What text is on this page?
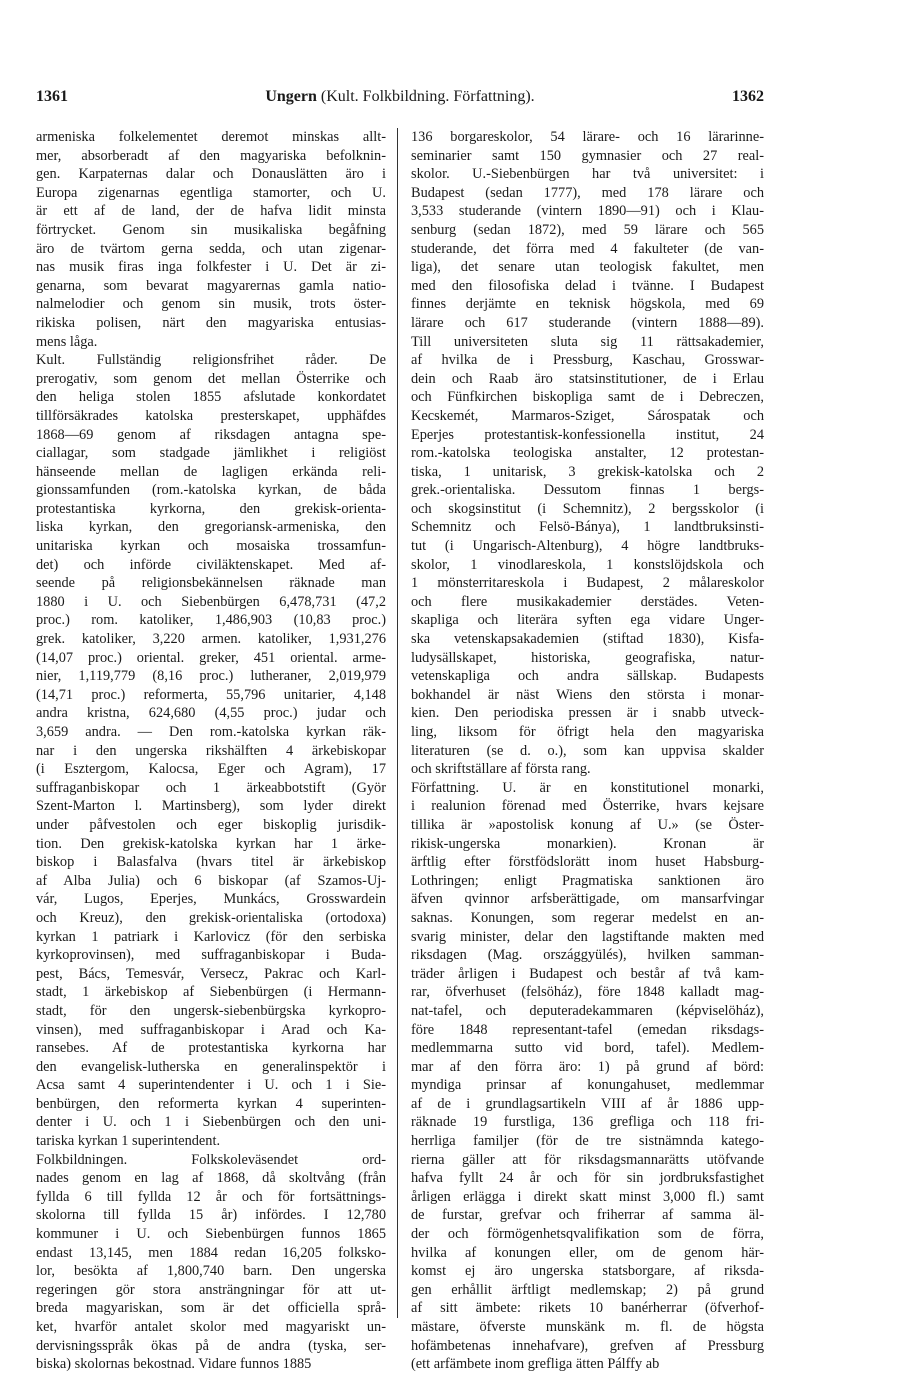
1361	Ungern (Kult. Folkbildning. Författning).	1362
armeniska folkelementet deremot minskas allt-
mer, absorberadt af den magyariska befolknin-
gen. Karpaternas dalar och Donauslätten äro i
Europa zigenarnas egentliga stamorter, och U.
är ett af de land, der de hafva lidit minsta
förtrycket. Genom sin musikaliska begåfning
äro de tvärtom gerna sedda, och utan zigenar-
nas musik firas inga folkfester i U. Det är zi-
genarna, som bevarat magyarernas gamla natio-
nalmelodier och genom sin musik, trots öster-
rikiska polisen, närt den magyariska entusias-
mens låga.
Kult. Fullständig religionsfrihet råder. De
prerogativ, som genom det mellan Österrike och
den heliga stolen 1855 afslutade konkordatet
tillförsäkrades katolska presterskapet, upphäfdes
1868—69 genom af riksdagen antagna spe-
ciallagar, som stadgade jämlikhet i religiöst
hänseende mellan de lagligen erkända reli-
gionssamfunden (rom.-katolska kyrkan, de båda
protestantiska kyrkorna, den grekisk-orienta-
liska kyrkan, den gregoriansk-armeniska, den
unitariska kyrkan och mosaiska trossamfun-
det) och införde civiläktenskapet. Med af-
seende på religionsbekännelsen räknade man
1880 i U. och Siebenbürgen 6,478,731 (47,2
proc.) rom. katoliker, 1,486,903 (10,83 proc.)
grek. katoliker, 3,220 armen. katoliker, 1,931,276
(14,07 proc.) oriental. greker, 451 oriental. arme-
nier, 1,119,779 (8,16 proc.) lutheraner, 2,019,979
(14,71 proc.) reformerta, 55,796 unitarier, 4,148
andra kristna, 624,680 (4,55 proc.) judar och
3,659 andra. — Den rom.-katolska kyrkan räk-
nar i den ungerska rikshälften 4 ärkebiskopar
(i Esztergom, Kalocsa, Eger och Agram), 17
suffraganbiskopar och 1 ärkeabbotstift (Györ
Szent-Marton l. Martinsberg), som lyder direkt
under påfvestolen och eger biskoplig jurisdik-
tion. Den grekisk-katolska kyrkan har 1 ärke-
biskop i Balasfalva (hvars titel är ärkebiskop
af Alba Julia) och 6 biskopar (af Szamos-Uj-
vár, Lugos, Eperjes, Munkács, Grosswardein
och Kreuz), den grekisk-orientaliska (ortodoxa)
kyrkan 1 patriark i Karlovicz (för den serbiska
kyrkoprovinsen), med suffraganbiskopar i Buda-
pest, Bács, Temesvár, Versecz, Pakrac och Karl-
stadt, 1 ärkebiskop af Siebenbürgen (i Hermann-
stadt, för den ungersk-siebenbürgska kyrkopro-
vinsen), med suffraganbiskopar i Arad och Ka-
ransebes. Af de protestantiska kyrkorna har
den evangelisk-lutherska en generalinspektör i
Acsa samt 4 superintendenter i U. och 1 i Sie-
benbürgen, den reformerta kyrkan 4 superinten-
denter i U. och 1 i Siebenbürgen och den uni-
tariska kyrkan 1 superintendent.
Folkbildningen. Folkskoleväsendet ord-
nades genom en lag af 1868, då skoltvång (från
fyllda 6 till fyllda 12 år och för fortsättnings-
skolorna till fyllda 15 år) infördes. I 12,780
kommuner i U. och Siebenbürgen funnos 1865
endast 13,145, men 1884 redan 16,205 folksko-
lor, besökta af 1,800,740 barn. Den ungerska
regeringen gör stora ansträngningar för att ut-
breda magyariskan, som är det officiella språ-
ket, hvarför antalet skolor med magyariskt un-
dervisningsspråk ökas på de andra (tyska, ser-
biska) skolornas bekostnad. Vidare funnos 1885
136 borgareskolor, 54 lärare- och 16 lärarinne-
seminarier samt 150 gymnasier och 27 real-
skolor. U.-Siebenbürgen har två universitet: i
Budapest (sedan 1777), med 178 lärare och
3,533 studerande (vintern 1890—91) och i Klau-
senburg (sedan 1872), med 59 lärare och 565
studerande, det förra med 4 fakulteter (de van-
liga), det senare utan teologisk fakultet, men
med den filosofiska delad i tvänne. I Budapest
finnes derjämte en teknisk högskola, med 69
lärare och 617 studerande (vintern 1888—89).
Till universiteten sluta sig 11 rättsakademier,
af hvilka de i Pressburg, Kaschau, Grosswar-
dein och Raab äro statsinstitutioner, de i Erlau
och Fünfkirchen biskopliga samt de i Debreczen,
Kecskemét, Marmaros-Sziget, Sárospatak och
Eperjes protestantisk-konfessionella institut, 24
rom.-katolska teologiska anstalter, 12 protestan-
tiska, 1 unitarisk, 3 grekisk-katolska och 2
grek.-orientaliska. Dessutom finnas 1 bergs-
och skogsinstitut (i Schemnitz), 2 bergsskolor (i
Schemnitz och Felsö-Bánya), 1 landtbruksinsti-
tut (i Ungarisch-Altenburg), 4 högre landtbruks-
skolor, 1 vinodlareskola, 1 konstslöjdskola och
1 mönsterritareskola i Budapest, 2 målareskolor
och flere musikakademier derstädes. Veten-
skapliga och literära syften ega vidare Unger-
ska vetenskapsakademien (stiftad 1830), Kisfa-
ludysällskapet, historiska, geografiska, natur-
vetenskapliga och andra sällskap. Budapests
bokhandel är näst Wiens den största i monar-
kien. Den periodiska pressen är i snabb utveck-
ling, liksom för öfrigt hela den magyariska
literaturen (se d. o.), som kan uppvisa skalder
och skriftställare af första rang.
Författning. U. är en konstitutionel monarki,
i realunion förenad med Österrike, hvars kejsare
tillika är »apostolisk konung af U.» (se Öster-
rikisk-ungerska monarkien). Kronan är
ärftlig efter förstfödslorätt inom huset Habsburg-
Lothringen; enligt Pragmatiska sanktionen äro
äfven qvinnor arfsberättigade, om mansarfvingar
saknas. Konungen, som regerar medelst en an-
svarig minister, delar den lagstiftande makten med
riksdagen (Mag. országgyülés), hvilken samman-
träder årligen i Budapest och består af två kam-
rar, öfverhuset (felsöház), före 1848 kalladt mag-
nat-tafel, och deputeradekammaren (képviselöház),
före 1848 representant-tafel (emedan riksdags-
medlemmarna sutto vid bord, tafel). Medlem-
mar af den förra äro: 1) på grund af börd:
myndiga prinsar af konungahuset, medlemmar
af de i grundlagsartikeln VIII af år 1886 upp-
räknade 19 furstliga, 136 grefliga och 118 fri-
herrliga familjer (för de tre sistnämnda katego-
rierna gäller att för riksdagsmannarätts utöfvande
hafva fyllt 24 år och för sin jordbruksfastighet
årligen erlägga i direkt skatt minst 3,000 fl.) samt
de furstar, grefvar och friherrar af samma äl-
der och förmögenhetsqvalifikation som de förra,
hvilka af konungen eller, om de genom här-
komst ej äro ungerska statsborgare, af riksda-
gen erhållit ärftligt medlemskap; 2) på grund
af sitt ämbete: rikets 10 banérherrar (öfverhof-
mästare, öfverste munskänk m. fl. de högsta
hofämbetenas innehafvare), grefven af Pressburg
(ett arfämbete inom grefliga ätten Pálffy ab
